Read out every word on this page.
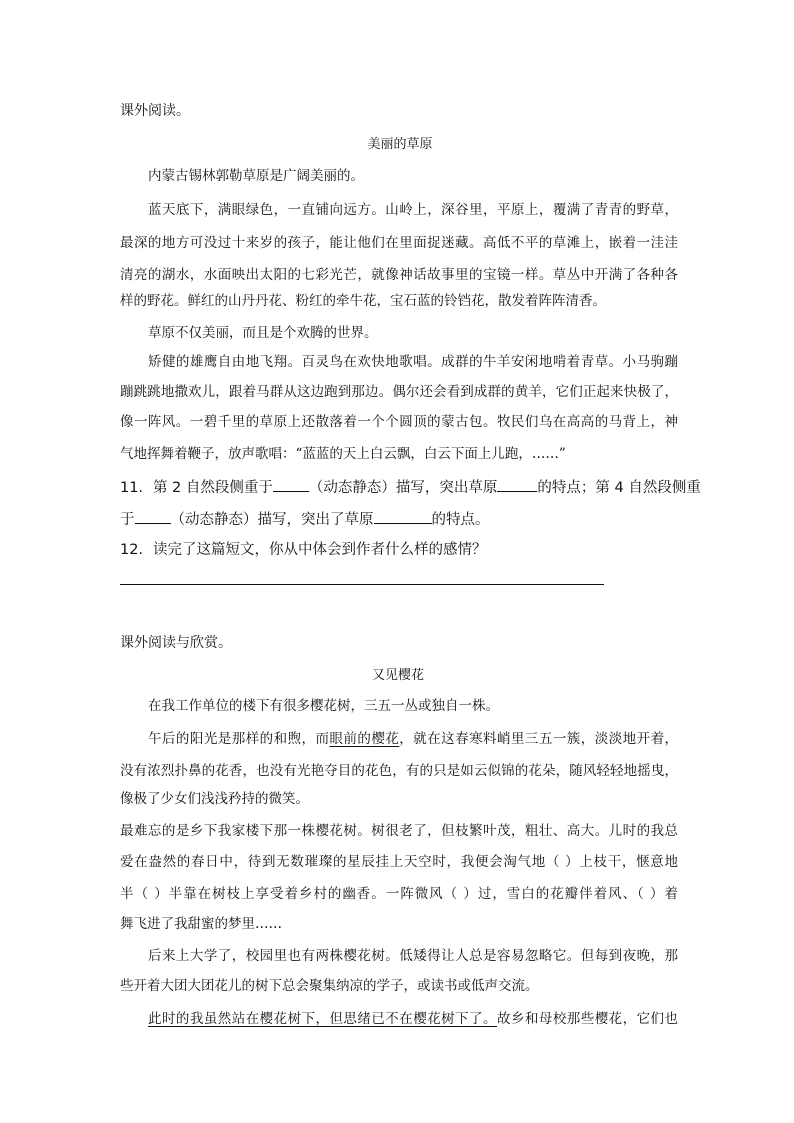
课外阅读。
美丽的草原
内蒙古锡林郭勒草原是广阔美丽的。
蓝天底下，满眼绿色，一直铺向远方。山岭上，深谷里，平原上，覆满了青青的野草，
最深的地方可没过十来岁的孩子，能让他们在里面捉迷藏。高低不平的草滩上，嵌着一洼洼
清亮的湖水，水面映出太阳的七彩光芒，就像神话故事里的宝镜一样。草丛中开满了各种各
样的野花。鲜红的山丹丹花、粉红的牵牛花，宝石蓝的铃铛花，散发着阵阵清香。
草原不仅美丽，而且是个欢腾的世界。
矫健的雄鹰自由地飞翔。百灵鸟在欢快地歌唱。成群的牛羊安闲地啃着青草。小马驹蹦
蹦跳跳地撒欢儿，跟着马群从这边跑到那边。偶尔还会看到成群的黄羊，它们正起来快极了，
像一阵风。一碧千里的草原上还散落着一个个圆顶的蒙古包。牧民们乌在高高的马背上，神
气地挥舞着鞭子，放声歌唱：“蓝蓝的天上白云飘，白云下面上儿跑，……”
11．第 2 自然段侧重于 （动态静态）描写，突出草原	的特点；第 4 自然段侧重
于 （动态静态）描写，突出了草原	的特点。
12．读完了这篇短文，你从中体会到作者什么样的感情？
课外阅读与欣赏。
又见樱花
在我工作单位的楼下有很多樱花树，三五一丛或独自一株。
午后的阳光是那样的和煦，而眼前的樱花，就在这春寒料峭里三五一簇，淡淡地开着，
没有浓烈扑鼻的花香，也没有光艳夺目的花色，有的只是如云似锦的花朵，随风轻轻地摇曳，
像极了少女们浅浅矜持的微笑。
最难忘的是乡下我家楼下那一株樱花树。树很老了，但枝繁叶茂，粗壮、高大。儿时的我总
爱在盎然的春日中，待到无数璀璨的星辰挂上天空时，我便会淘气地（ ）上枝干，惬意地
半（ ）半靠在树枝上享受着乡村的幽香。一阵微风（ ）过，雪白的花瓣伴着风、（ ）着
舞飞进了我甜蜜的梦里……
后来上大学了，校园里也有两株樱花树。低矮得让人总是容易忽略它。但每到夜晚，那
些开着大团大团花儿的树下总会聚集纳凉的学子，或读书或低声交流。
此时的我虽然站在樱花树下，但思绪已不在樱花树下了。故乡和母校那些樱花，它们也
